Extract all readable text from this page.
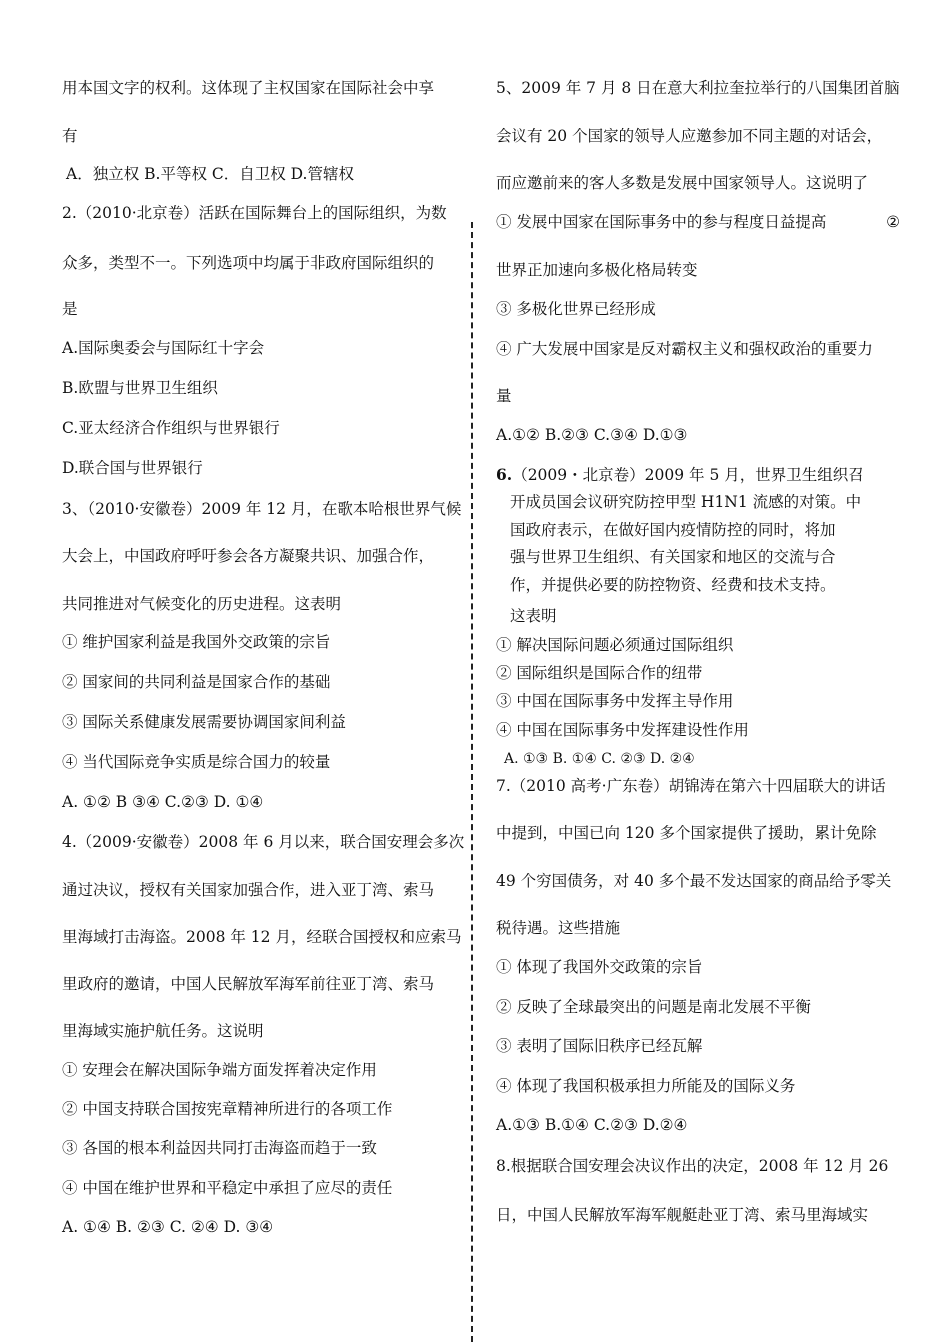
用本国文字的权利。这体现了主权国家在国际社会中享
有
A．独立权 B.平等权 C．自卫权 D.管辖权
2.（2010·北京卷）活跃在国际舞台上的国际组织，为数
众多，类型不一。下列选项中均属于非政府国际组织的
是
A.国际奥委会与国际红十字会
B.欧盟与世界卫生组织
C.亚太经济合作组织与世界银行
D.联合国与世界银行
3、（2010·安徽卷）2009 年 12 月，在歌本哈根世界气候
大会上，中国政府呼吁参会各方凝聚共识、加强合作，
共同推进对气候变化的历史进程。这表明
① 维护国家利益是我国外交政策的宗旨
② 国家间的共同利益是国家合作的基础
③ 国际关系健康发展需要协调国家间利益
④ 当代国际竞争实质是综合国力的较量
A. ①② B ③④ C.②③ D. ①④
4.（2009·安徽卷）2008 年 6 月以来，联合国安理会多次
通过决议，授权有关国家加强合作，进入亚丁湾、索马
里海域打击海盗。2008 年 12 月，经联合国授权和应索马
里政府的邀请，中国人民解放军海军前往亚丁湾、索马
里海域实施护航任务。这说明
① 安理会在解决国际争端方面发挥着决定作用
② 中国支持联合国按宪章精神所进行的各项工作
③ 各国的根本利益因共同打击海盗而趋于一致
④ 中国在维护世界和平稳定中承担了应尽的责任
A. ①④ B. ②③ C. ②④ D. ③④
5、2009 年 7 月 8 日在意大利拉奎拉举行的八国集团首脑
会议有 20 个国家的领导人应邀参加不同主题的对话会，
而应邀前来的客人多数是发展中国家领导人。这说明了
① 发展中国家在国际事务中的参与程度日益提高	②
世界正加速向多极化格局转变
③ 多极化世界已经形成
④ 广大发展中国家是反对霸权主义和强权政治的重要力
量
A.①② B.②③ C.③④ D.①③
6.（2009・北京卷）2009 年 5 月，世界卫生组织召
开成员国会议研究防控甲型 H1N1 流感的对策。中
国政府表示，在做好国内疫情防控的同时，将加
强与世界卫生组织、有关国家和地区的交流与合
作，并提供必要的防控物资、经费和技术支持。
这表明
① 解决国际问题必须通过国际组织
② 国际组织是国际合作的纽带
③ 中国在国际事务中发挥主导作用
④ 中国在国际事务中发挥建设性作用
A. ①③ B. ①④ C. ②③ D. ②④
7.（2010 高考·广东卷）胡锦涛在第六十四届联大的讲话
中提到，中国已向 120 多个国家提供了援助，累计免除
49 个穷国债务，对 40 多个最不发达国家的商品给予零关
税待遇。这些措施
① 体现了我国外交政策的宗旨
② 反映了全球最突出的问题是南北发展不平衡
③ 表明了国际旧秩序已经瓦解
④ 体现了我国积极承担力所能及的国际义务
A.①③ B.①④ C.②③ D.②④
8.根据联合国安理会决议作出的决定，2008 年 12 月 26
日，中国人民解放军海军舰艇赴亚丁湾、索马里海域实
